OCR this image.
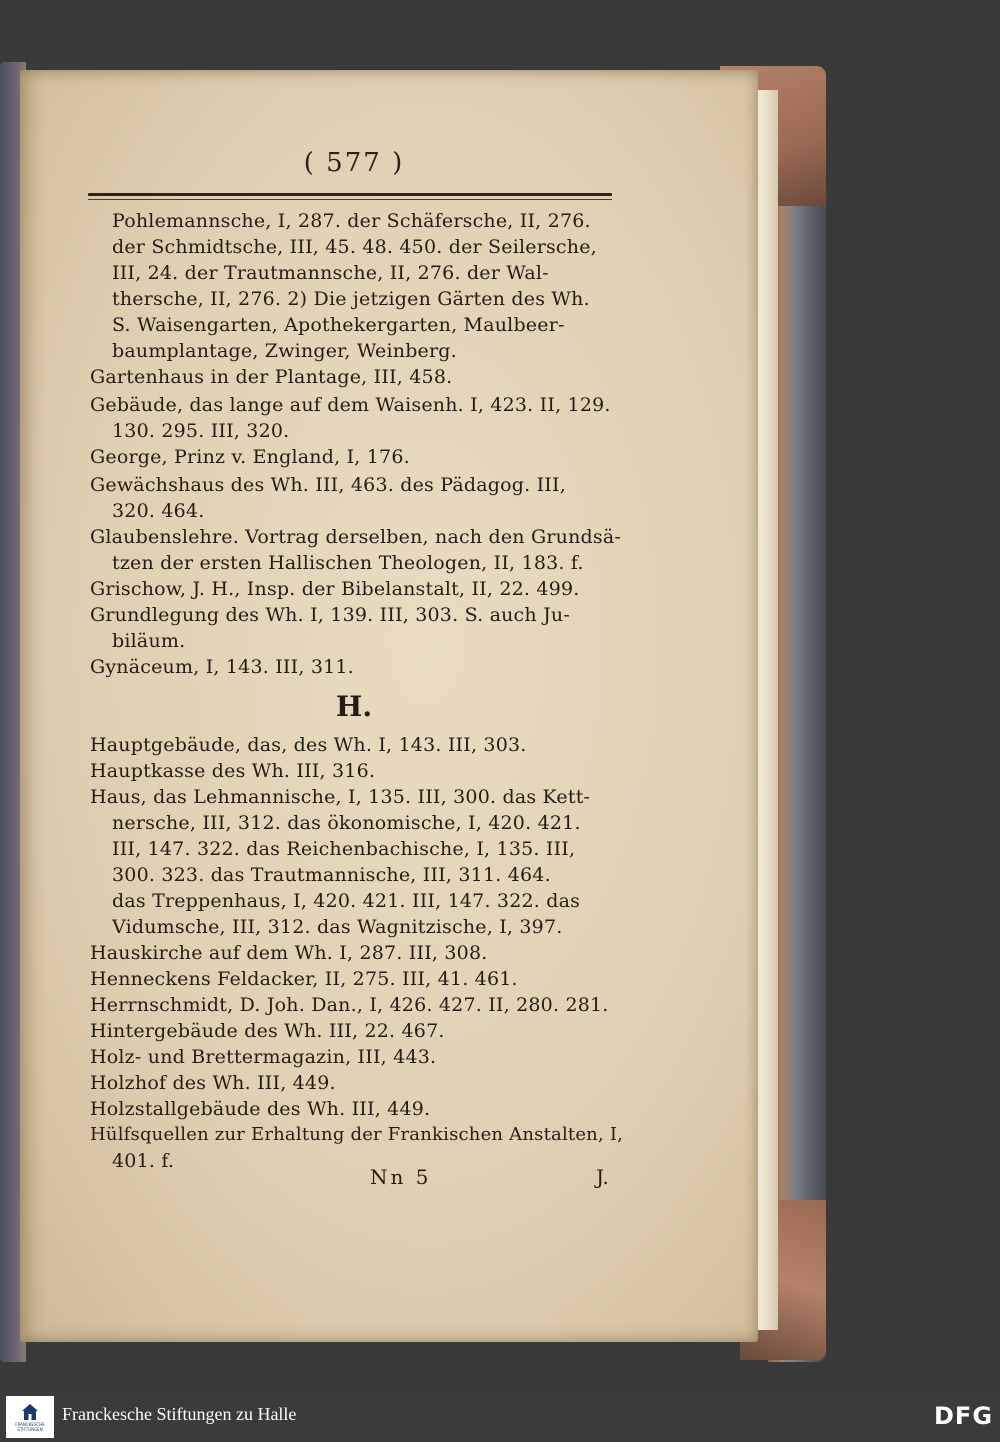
( 577 )
Pohlemannsche, I, 287. der Schäfersche, II, 276.
der Schmidtsche, III, 45. 48. 450. der Seilersche,
III, 24. der Trautmannsche, II, 276. der Wal-
thersche, II, 276. 2) Die jetzigen Gärten des Wh.
S. Waisengarten, Apothekergarten, Maulbeer-
baumplantage, Zwinger, Weinberg.
Gartenhaus in der Plantage, III, 458.
Gebäude, das lange auf dem Waisenh. I, 423. II, 129.
130. 295. III, 320.
George, Prinz v. England, I, 176.
Gewächshaus des Wh. III, 463. des Pädagog. III,
320. 464.
Glaubenslehre. Vortrag derselben, nach den Grundsä-
tzen der ersten Hallischen Theologen, II, 183. f.
Grischow, J. H., Insp. der Bibelanstalt, II, 22. 499.
Grundlegung des Wh. I, 139. III, 303. S. auch Ju-
biläum.
Gynäceum, I, 143. III, 311.
H.
Hauptgebäude, das, des Wh. I, 143. III, 303.
Hauptkasse des Wh. III, 316.
Haus, das Lehmannische, I, 135. III, 300. das Kett-
nersche, III, 312. das ökonomische, I, 420. 421.
III, 147. 322. das Reichenbachische, I, 135. III,
300. 323. das Trautmannische, III, 311. 464.
das Treppenhaus, I, 420. 421. III, 147. 322. das
Vidumsche, III, 312. das Wagnitzische, I, 397.
Hauskirche auf dem Wh. I, 287. III, 308.
Henneckens Feldacker, II, 275. III, 41. 461.
Herrnschmidt, D. Joh. Dan., I, 426. 427. II, 280. 281.
Hintergebäude des Wh. III, 22. 467.
Holz- und Brettermagazin, III, 443.
Holzhof des Wh. III, 449.
Holzstallgebäude des Wh. III, 449.
Hülfsquellen zur Erhaltung der Frankischen Anstalten, I,
401. f.
Nn 5	J.
FRANCKESCHE STIFTUNGEN
Franckesche Stiftungen zu Halle	DFG
